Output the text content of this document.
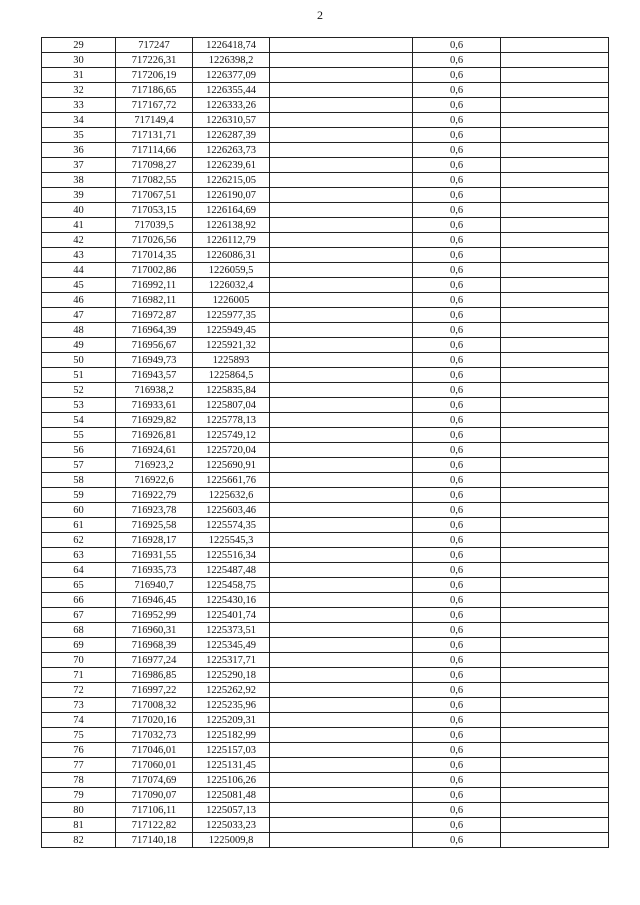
2
29	717247	1226418,74		0,6	
30	717226,31	1226398,2		0,6	
31	717206,19	1226377,09		0,6	
32	717186,65	1226355,44		0,6	
33	717167,72	1226333,26		0,6	
34	717149,4	1226310,57		0,6	
35	717131,71	1226287,39		0,6	
36	717114,66	1226263,73		0,6	
37	717098,27	1226239,61		0,6	
38	717082,55	1226215,05		0,6	
39	717067,51	1226190,07		0,6	
40	717053,15	1226164,69		0,6	
41	717039,5	1226138,92		0,6	
42	717026,56	1226112,79		0,6	
43	717014,35	1226086,31		0,6	
44	717002,86	1226059,5		0,6	
45	716992,11	1226032,4		0,6	
46	716982,11	1226005		0,6	
47	716972,87	1225977,35		0,6	
48	716964,39	1225949,45		0,6	
49	716956,67	1225921,32		0,6	
50	716949,73	1225893		0,6	
51	716943,57	1225864,5		0,6	
52	716938,2	1225835,84		0,6	
53	716933,61	1225807,04		0,6	
54	716929,82	1225778,13		0,6	
55	716926,81	1225749,12		0,6	
56	716924,61	1225720,04		0,6	
57	716923,2	1225690,91		0,6	
58	716922,6	1225661,76		0,6	
59	716922,79	1225632,6		0,6	
60	716923,78	1225603,46		0,6	
61	716925,58	1225574,35		0,6	
62	716928,17	1225545,3		0,6	
63	716931,55	1225516,34		0,6	
64	716935,73	1225487,48		0,6	
65	716940,7	1225458,75		0,6	
66	716946,45	1225430,16		0,6	
67	716952,99	1225401,74		0,6	
68	716960,31	1225373,51		0,6	
69	716968,39	1225345,49		0,6	
70	716977,24	1225317,71		0,6	
71	716986,85	1225290,18		0,6	
72	716997,22	1225262,92		0,6	
73	717008,32	1225235,96		0,6	
74	717020,16	1225209,31		0,6	
75	717032,73	1225182,99		0,6	
76	717046,01	1225157,03		0,6	
77	717060,01	1225131,45		0,6	
78	717074,69	1225106,26		0,6	
79	717090,07	1225081,48		0,6	
80	717106,11	1225057,13		0,6	
81	717122,82	1225033,23		0,6	
82	717140,18	1225009,8		0,6	
